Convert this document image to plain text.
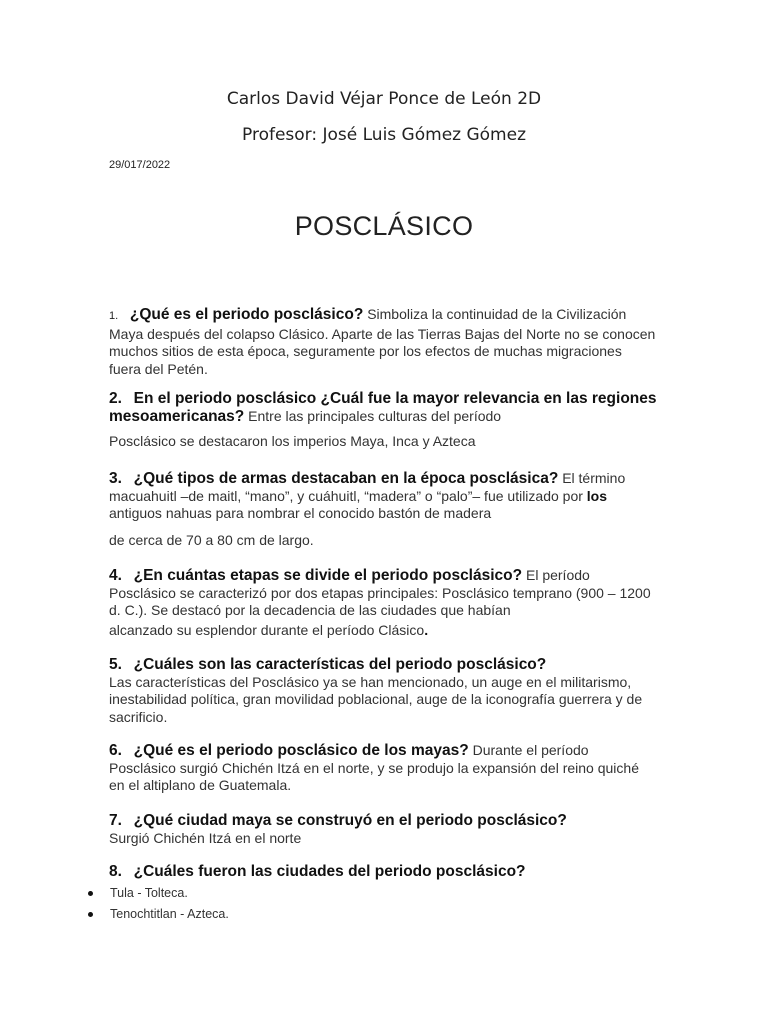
Carlos David Véjar Ponce de León 2D
Profesor: José Luis Gómez Gómez
29/017/2022
POSCLÁSICO

1. ¿Qué es el periodo posclásico? Simboliza la continuidad de la Civilización Maya después del colapso Clásico. Aparte de las Tierras Bajas del Norte no se conocen muchos sitios de esta época, seguramente por los efectos de muchas migraciones fuera del Petén.

2. En el periodo posclásico ¿Cuál fue la mayor relevancia en las regiones mesoamericanas? Entre las principales culturas del período

Posclásico se destacaron los imperios Maya, Inca y Azteca

3. ¿Qué tipos de armas destacaban en la época posclásica? El término macuahuitl –de maitl, “mano”, y cuáhuitl, “madera” o “palo”– fue utilizado por los antiguos nahuas para nombrar el conocido bastón de madera

de cerca de 70 a 80 cm de largo.

4. ¿En cuántas etapas se divide el periodo posclásico? El período Posclásico se caracterizó por dos etapas principales: Posclásico temprano (900 – 1200 d. C.). Se destacó por la decadencia de las ciudades que habían

alcanzado su esplendor durante el período Clásico.

5. ¿Cuáles son las características del periodo posclásico?

Las características del Posclásico ya se han mencionado, un auge en el militarismo, inestabilidad política, gran movilidad poblacional, auge de la iconografía guerrera y de sacrificio.

6. ¿Qué es el periodo posclásico de los mayas? Durante el período Posclásico surgió Chichén Itzá en el norte, y se produjo la expansión del reino quiché en el altiplano de Guatemala.

7. ¿Qué ciudad maya se construyó en el periodo posclásico?

Surgió Chichén Itzá en el norte

8. ¿Cuáles fueron las ciudades del periodo posclásico?

Tula - Tolteca.
Tenochtitlan - Azteca.
